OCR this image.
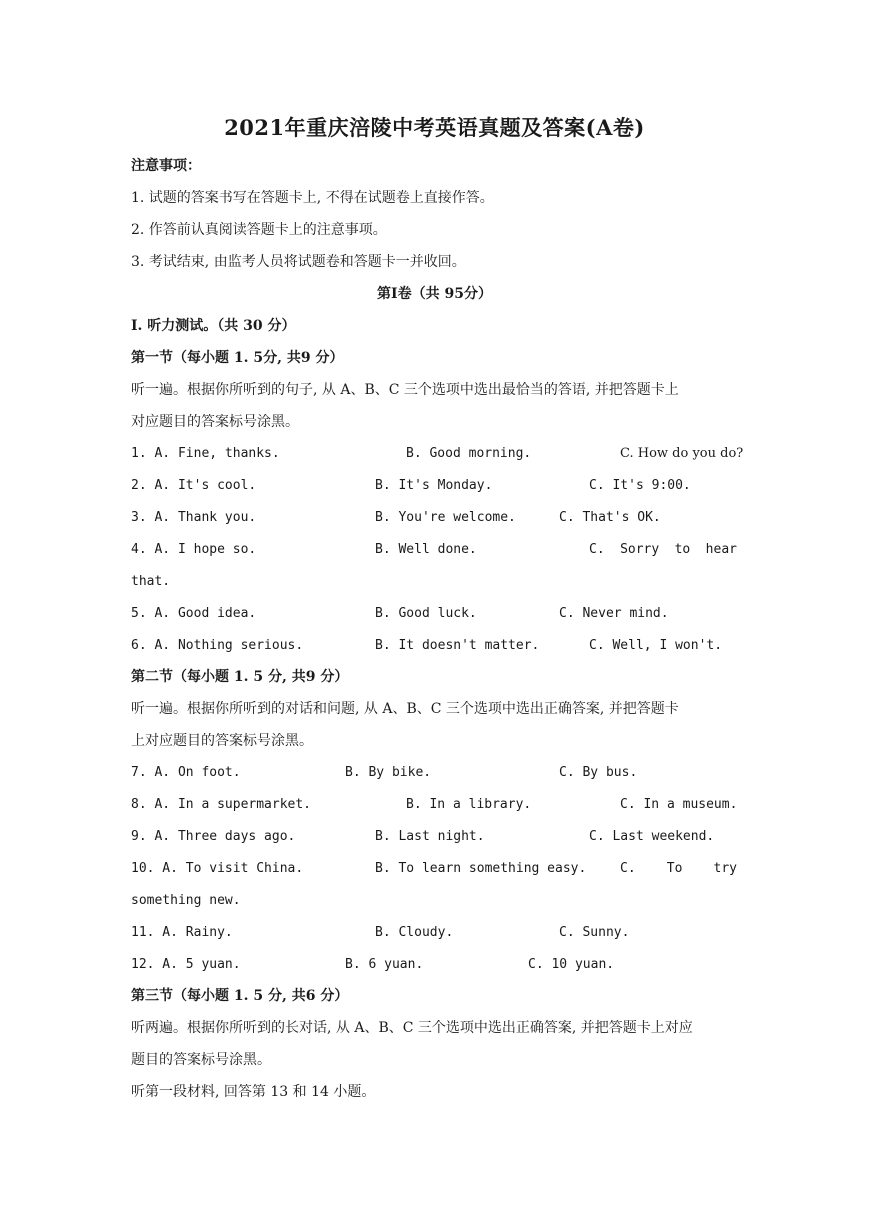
2021年重庆涪陵中考英语真题及答案(A卷)
注意事项：
1. 试题的答案书写在答题卡上, 不得在试题卷上直接作答。
2. 作答前认真阅读答题卡上的注意事项。
3. 考试结束, 由监考人员将试题卷和答题卡一并收回。
第Ⅰ卷（共 95分）
I. 听力测试。（共 30 分）
第一节（每小题 1. 5分, 共9 分）
听一遍。根据你所听到的句子, 从 A、B、C 三个选项中选出最恰当的答语, 并把答题卡上
对应题目的答案标号涂黑。
1. A. Fine, thanks.	B. Good morning.	C. How do you do?
2. A. It's cool.	B. It's Monday.	C. It's 9:00.
3. A. Thank you.	B. You're welcome.	C. That's OK.
4. A. I hope so.	B. Well done.	C. Sorry to hear
that.
5. A. Good idea.	B. Good luck.	C. Never mind.
6. A. Nothing serious.	B. It doesn't matter.	C. Well, I won't.
第二节（每小题 1. 5 分, 共9 分）
听一遍。根据你所听到的对话和问题, 从 A、B、C 三个选项中选出正确答案, 并把答题卡
上对应题目的答案标号涂黑。
7. A. On foot.	B. By bike.	C. By bus.
8. A. In a supermarket.	B. In a library.	C. In a museum.
9. A. Three days ago.	B. Last night.	C. Last weekend.
10. A. To visit China.	B. To learn something easy.	C. To try
something new.
11. A. Rainy.	B. Cloudy.	C. Sunny.
12. A. 5 yuan.	B. 6 yuan.	C. 10 yuan.
第三节（每小题 1. 5 分, 共6 分）
听两遍。根据你所听到的长对话, 从 A、B、C 三个选项中选出正确答案, 并把答题卡上对应
题目的答案标号涂黑。
听第一段材料, 回答第 13 和 14 小题。
